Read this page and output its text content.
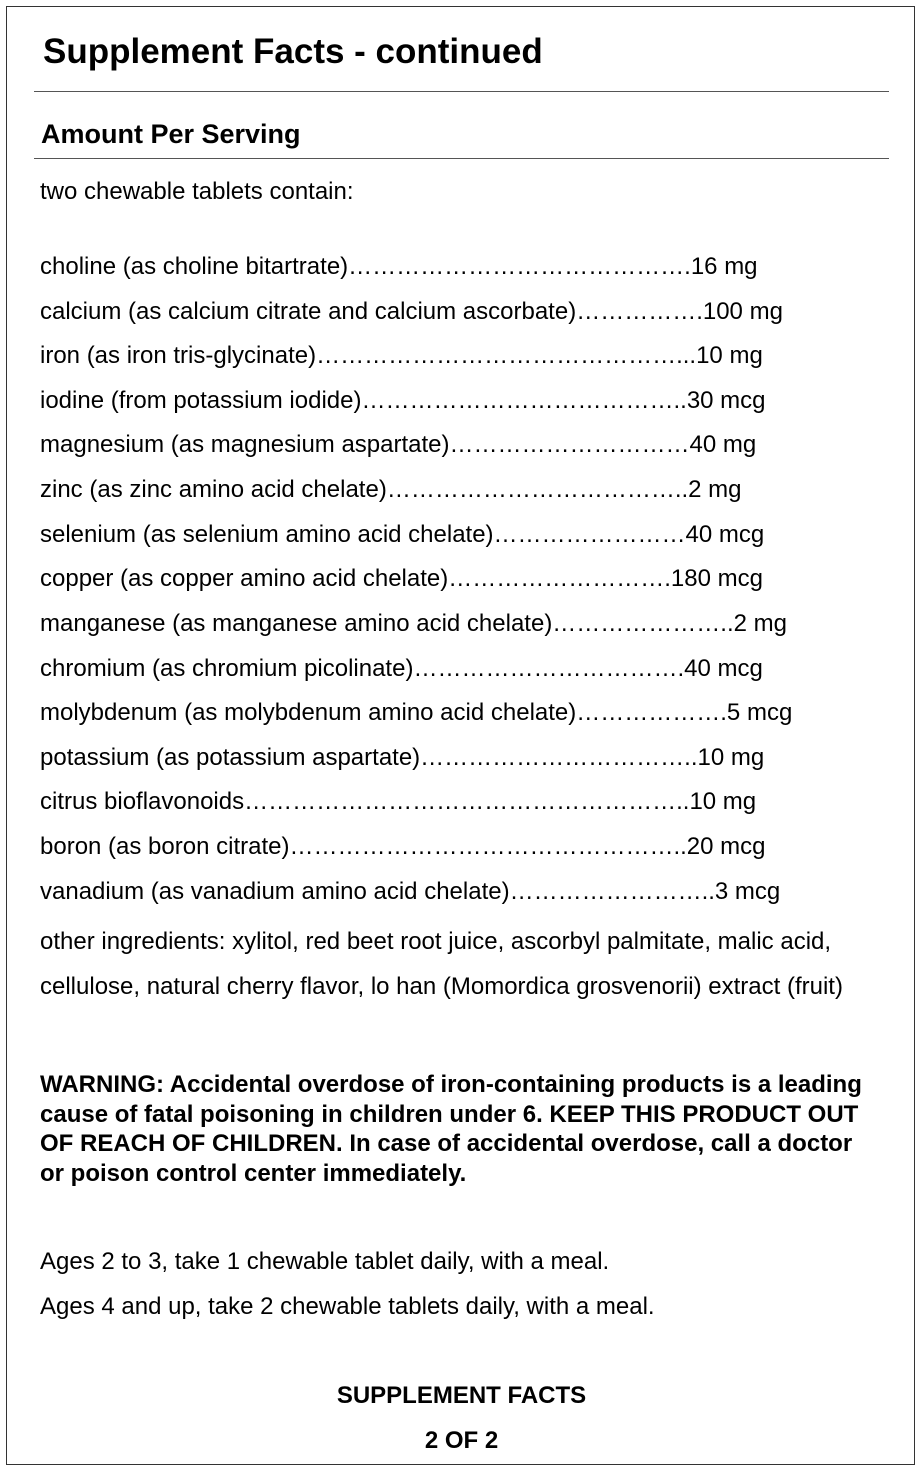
Supplement Facts - continued
Amount Per Serving
two chewable tablets contain:
choline (as choline bitartrate)…………………………………….16 mg
calcium (as calcium citrate and calcium ascorbate)…………….100 mg
iron (as iron tris-glycinate)………………………………………...10 mg
iodine (from potassium iodide)…………………………………..30 mcg
magnesium (as magnesium aspartate)…………………………40 mg
zinc (as zinc amino acid chelate)………………………………..2 mg
selenium (as selenium amino acid chelate)……………………40 mcg
copper (as copper amino acid chelate)……………………….180 mcg
manganese (as manganese amino acid chelate)…………………..2 mg
chromium (as chromium picolinate)…………………………….40 mcg
molybdenum (as molybdenum amino acid chelate)……………….5 mcg
potassium (as potassium aspartate)……………………………..10 mg
citrus bioflavonoids………………………………………………..10 mg
boron (as boron citrate)…………………………………………..20 mcg
vanadium (as vanadium amino acid chelate)……………………..3 mcg
other ingredients: xylitol, red beet root juice, ascorbyl palmitate, malic acid, cellulose, natural cherry flavor, lo han (Momordica grosvenorii) extract (fruit)
WARNING: Accidental overdose of iron-containing products is a leading cause of fatal poisoning in children under 6. KEEP THIS PRODUCT OUT OF REACH OF CHILDREN. In case of accidental overdose, call a doctor or poison control center immediately.
Ages 2 to 3, take 1 chewable tablet daily, with a meal.
Ages 4 and up, take 2 chewable tablets daily, with a meal.
SUPPLEMENT FACTS
2 OF 2
